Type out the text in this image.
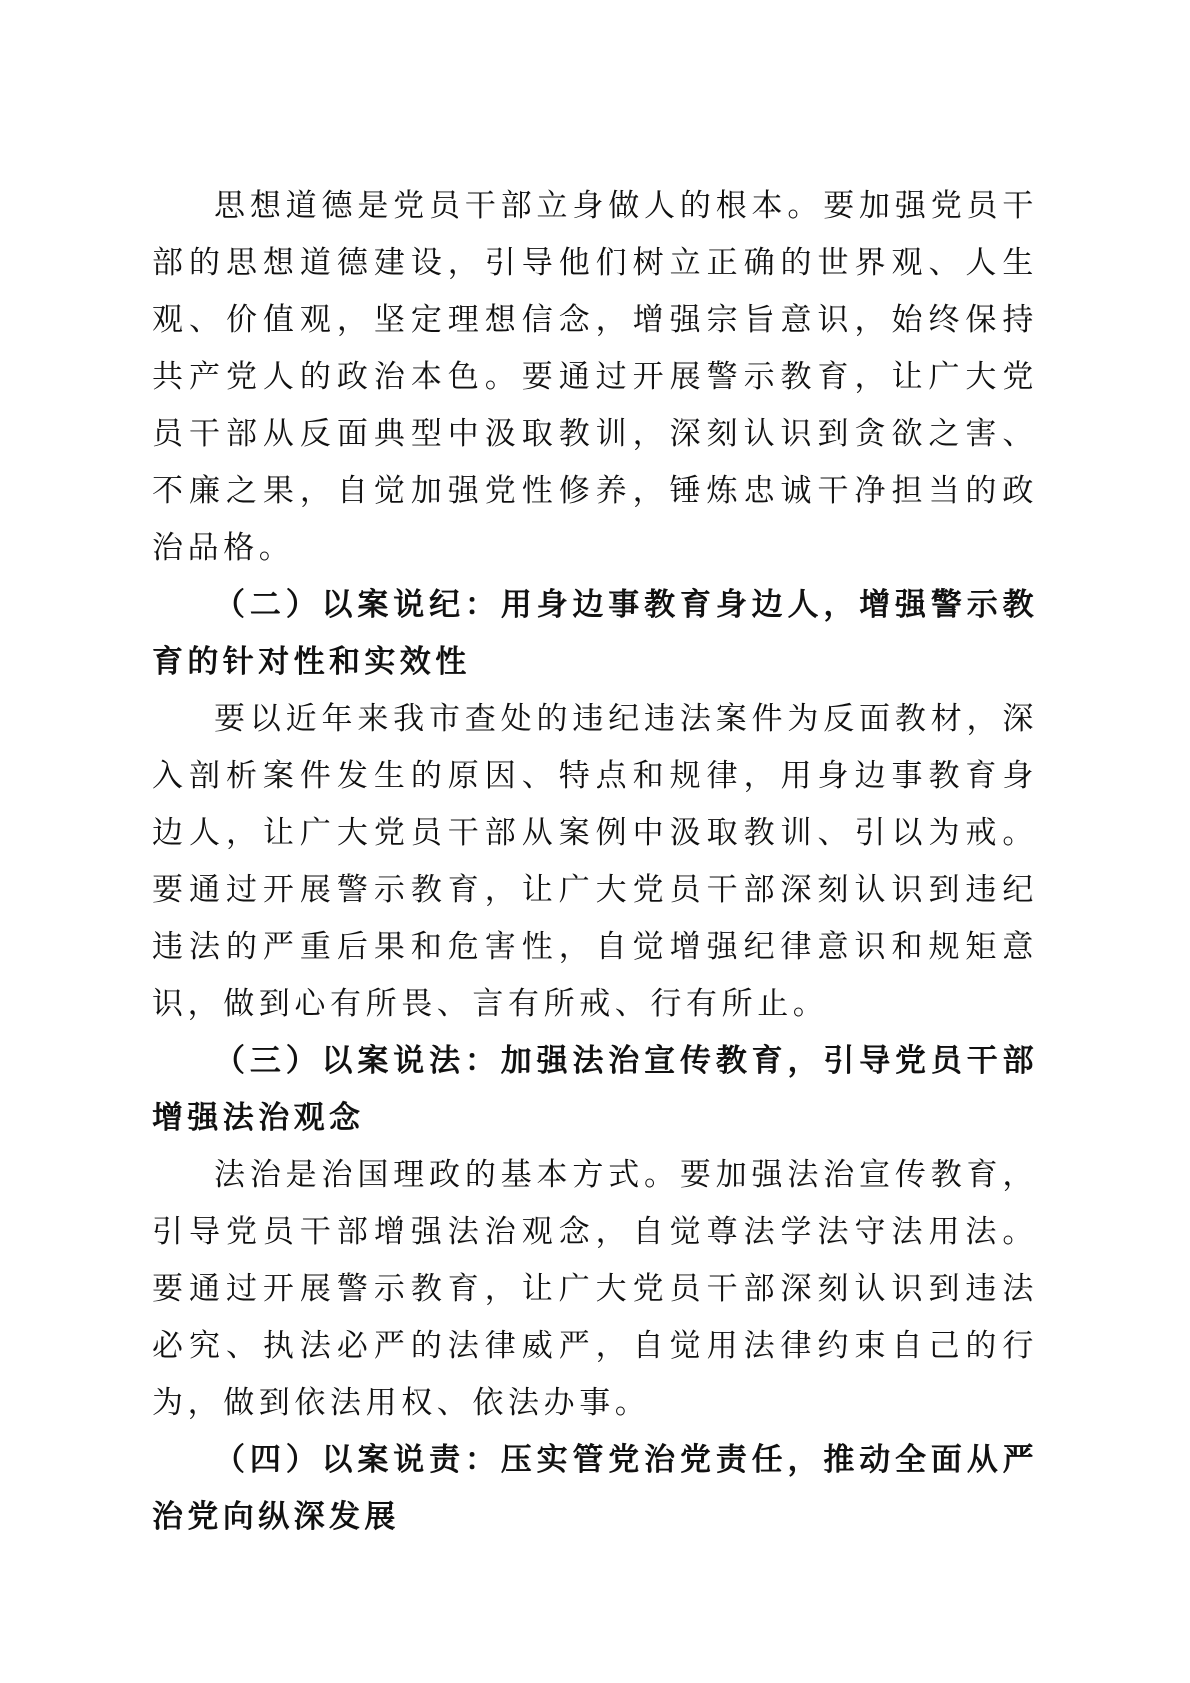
思想道德是党员干部立身做人的根本。要加强党员干部的思想道德建设，引导他们树立正确的世界观、人生观、价值观，坚定理想信念，增强宗旨意识，始终保持共产党人的政治本色。要通过开展警示教育，让广大党员干部从反面典型中汲取教训，深刻认识到贪欲之害、不廉之果，自觉加强党性修养，锤炼忠诚干净担当的政治品格。

（二）以案说纪：用身边事教育身边人，增强警示教育的针对性和实效性

要以近年来我市查处的违纪违法案件为反面教材，深入剖析案件发生的原因、特点和规律，用身边事教育身边人，让广大党员干部从案例中汲取教训、引以为戒。要通过开展警示教育，让广大党员干部深刻认识到违纪违法的严重后果和危害性，自觉增强纪律意识和规矩意识，做到心有所畏、言有所戒、行有所止。

（三）以案说法：加强法治宣传教育，引导党员干部增强法治观念

法治是治国理政的基本方式。要加强法治宣传教育，引导党员干部增强法治观念，自觉尊法学法守法用法。要通过开展警示教育，让广大党员干部深刻认识到违法必究、执法必严的法律威严，自觉用法律约束自己的行为，做到依法用权、依法办事。

（四）以案说责：压实管党治党责任，推动全面从严治党向纵深发展
